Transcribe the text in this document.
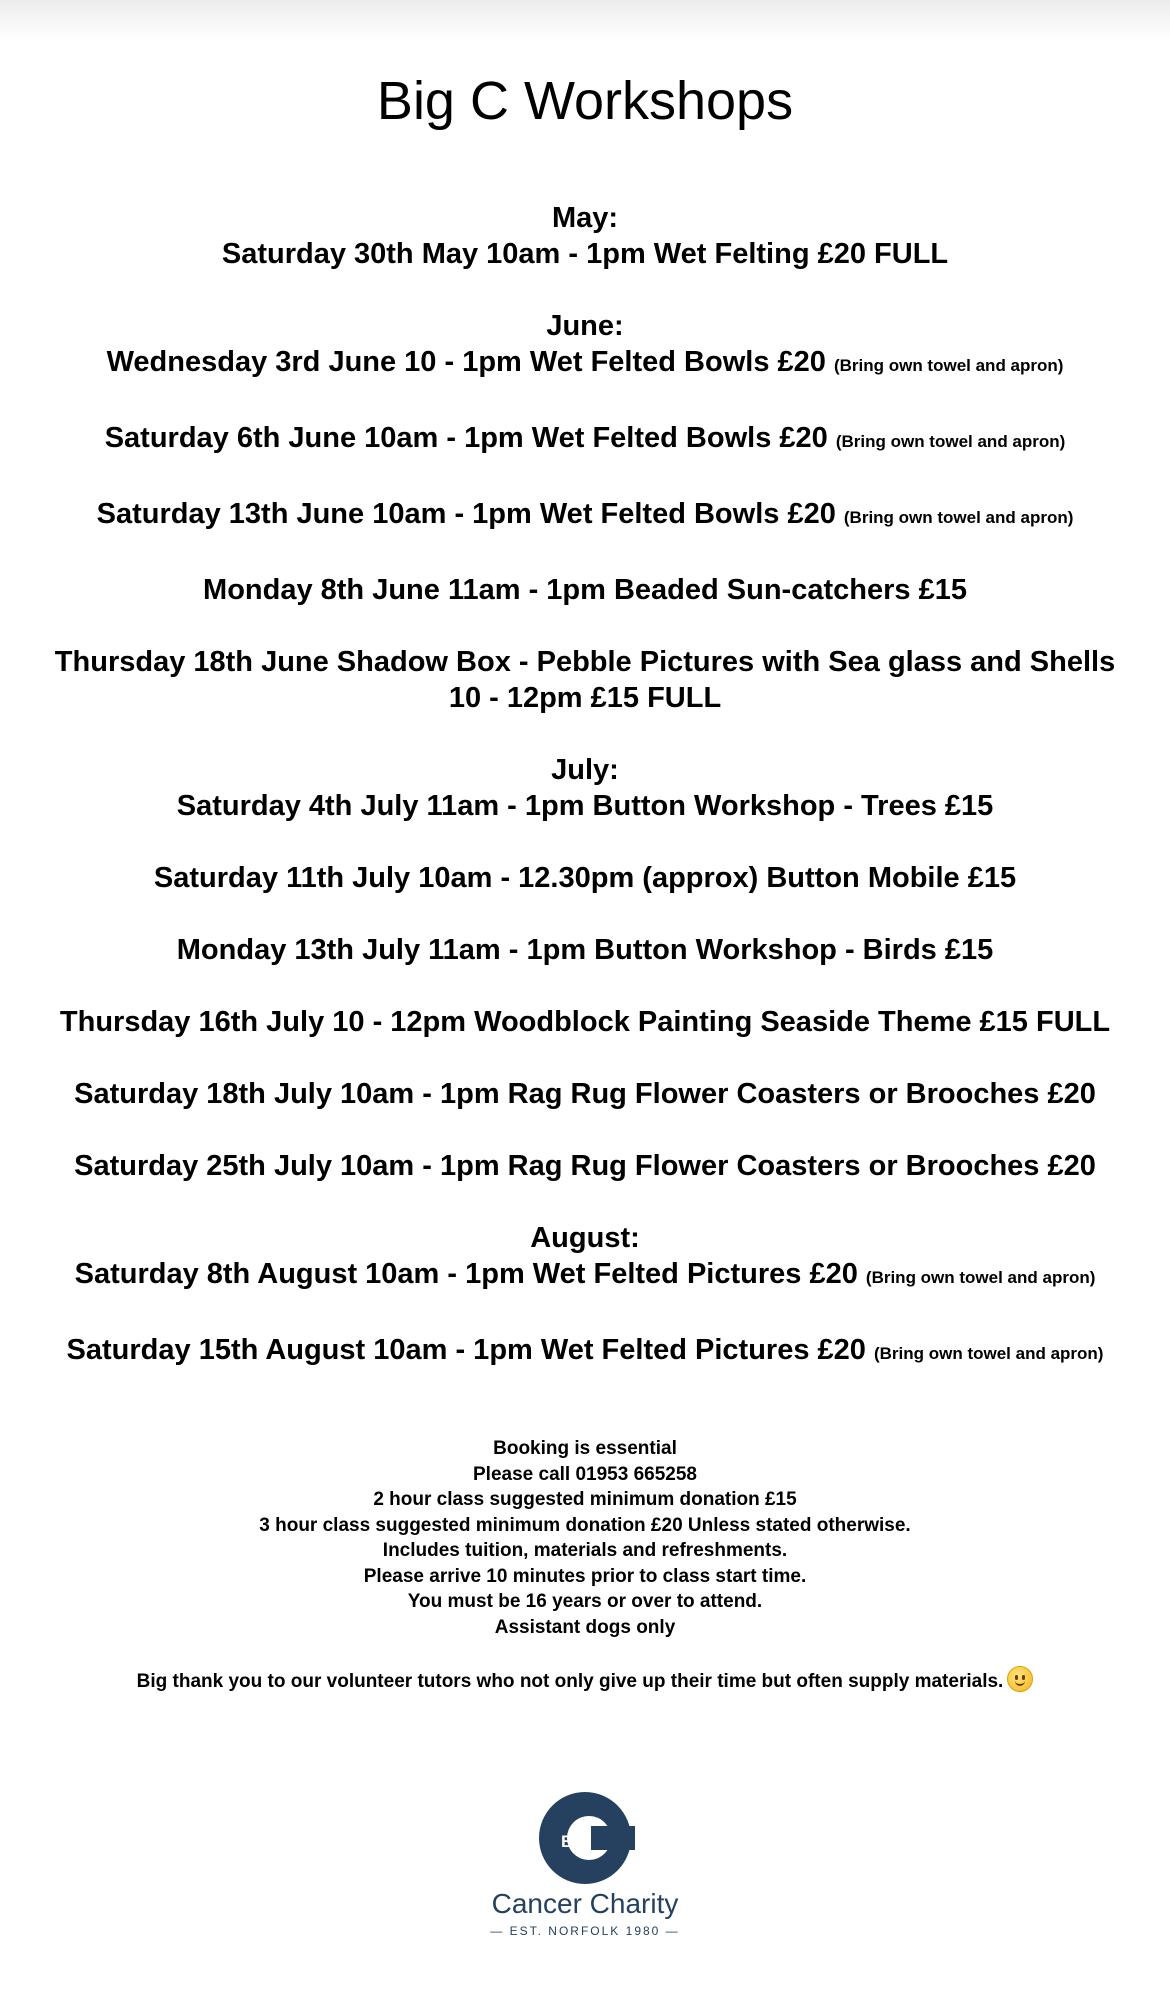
Big C Workshops
May:
Saturday 30th May 10am - 1pm Wet Felting £20 FULL
June:
Wednesday 3rd June 10 - 1pm Wet Felted Bowls £20 (Bring own towel and apron)
Saturday 6th June 10am - 1pm Wet Felted Bowls £20 (Bring own towel and apron)
Saturday 13th June 10am - 1pm Wet Felted Bowls £20 (Bring own towel and apron)
Monday 8th June 11am - 1pm Beaded Sun-catchers £15
Thursday 18th June Shadow Box - Pebble Pictures with Sea glass and Shells
10 - 12pm £15 FULL
July:
Saturday 4th July 11am - 1pm Button Workshop - Trees £15
Saturday 11th July 10am - 12.30pm (approx) Button Mobile £15
Monday 13th July 11am - 1pm Button Workshop - Birds £15
Thursday 16th July 10 - 12pm Woodblock Painting Seaside Theme £15 FULL
Saturday 18th July 10am - 1pm Rag Rug Flower Coasters or Brooches £20
Saturday 25th July 10am - 1pm Rag Rug Flower Coasters or Brooches £20
August:
Saturday 8th August 10am - 1pm Wet Felted Pictures £20 (Bring own towel and apron)
Saturday 15th August 10am - 1pm Wet Felted Pictures £20 (Bring own towel and apron)
Booking is essential
Please call 01953 665258
2 hour class suggested minimum donation £15
3 hour class suggested minimum donation £20 Unless stated otherwise.
Includes tuition, materials and refreshments.
Please arrive 10 minutes prior to class start time.
You must be 16 years or over to attend.
Assistant dogs only
Big thank you to our volunteer tutors who not only give up their time but often supply materials.
BIG
Cancer Charity
— EST. NORFOLK 1980 —
